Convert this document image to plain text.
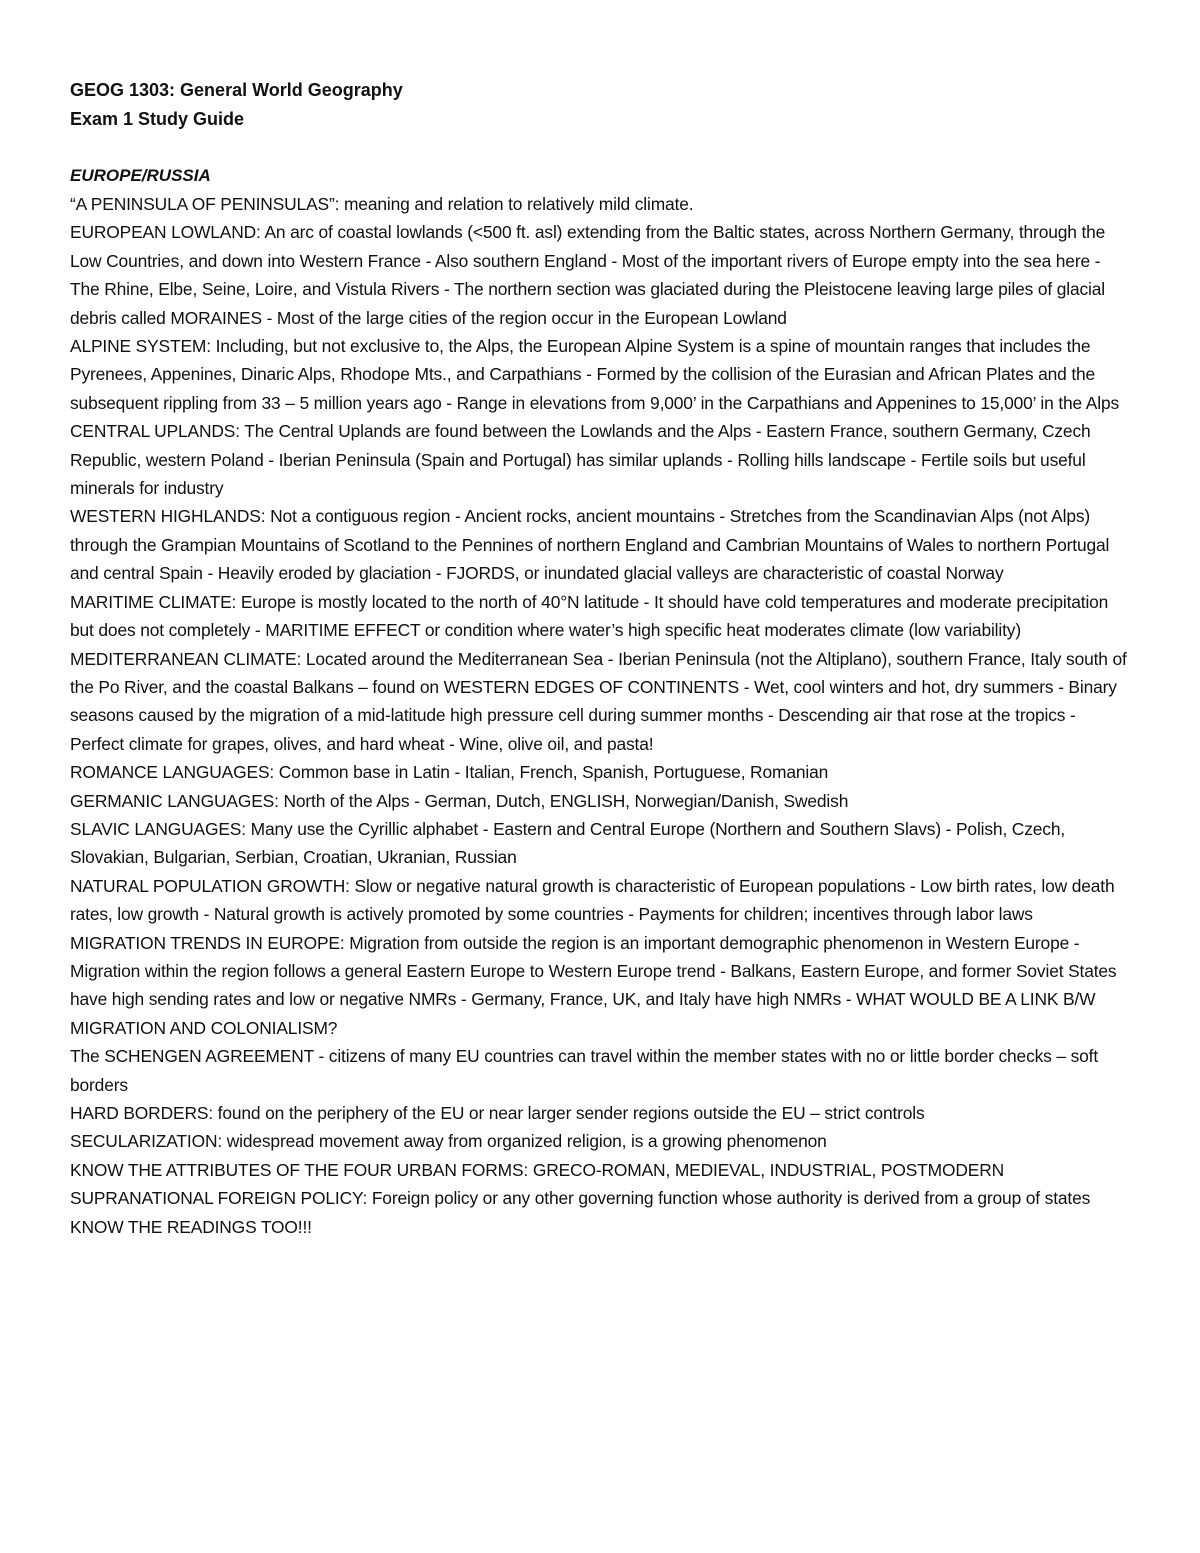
GEOG 1303: General World Geography

Exam 1 Study Guide

EUROPE/RUSSIA

“A PENINSULA OF PENINSULAS”: meaning and relation to relatively mild climate.

EUROPEAN LOWLAND: An arc of coastal lowlands (<500 ft. asl) extending from the Baltic states, across Northern Germany, through the Low Countries, and down into Western France - Also southern England - Most of the important rivers of Europe empty into the sea here - The Rhine, Elbe, Seine, Loire, and Vistula Rivers - The northern section was glaciated during the Pleistocene leaving large piles of glacial debris called MORAINES - Most of the large cities of the region occur in the European Lowland

ALPINE SYSTEM: Including, but not exclusive to, the Alps, the European Alpine System is a spine of mountain ranges that includes the Pyrenees, Appenines, Dinaric Alps, Rhodope Mts., and Carpathians - Formed by the collision of the Eurasian and African Plates and the subsequent rippling from 33 – 5 million years ago - Range in elevations from 9,000’ in the Carpathians and Appenines to 15,000’ in the Alps

CENTRAL UPLANDS: The Central Uplands are found between the Lowlands and the Alps - Eastern France, southern Germany, Czech Republic, western Poland - Iberian Peninsula (Spain and Portugal) has similar uplands - Rolling hills landscape - Fertile soils but useful minerals for industry

WESTERN HIGHLANDS: Not a contiguous region - Ancient rocks, ancient mountains - Stretches from the Scandinavian Alps (not Alps) through the Grampian Mountains of Scotland to the Pennines of northern England and Cambrian Mountains of Wales to northern Portugal and central Spain - Heavily eroded by glaciation - FJORDS, or inundated glacial valleys are characteristic of coastal Norway

MARITIME CLIMATE: Europe is mostly located to the north of 40°N latitude - It should have cold temperatures and moderate precipitation but does not completely - MARITIME EFFECT or condition where water’s high specific heat moderates climate (low variability)

MEDITERRANEAN CLIMATE: Located around the Mediterranean Sea - Iberian Peninsula (not the Altiplano), southern France, Italy south of the Po River, and the coastal Balkans – found on WESTERN EDGES OF CONTINENTS - Wet, cool winters and hot, dry summers - Binary seasons caused by the migration of a mid-latitude high pressure cell during summer months - Descending air that rose at the tropics - Perfect climate for grapes, olives, and hard wheat - Wine, olive oil, and pasta!

ROMANCE LANGUAGES: Common base in Latin - Italian, French, Spanish, Portuguese, Romanian

GERMANIC LANGUAGES: North of the Alps - German, Dutch, ENGLISH, Norwegian/Danish, Swedish

SLAVIC LANGUAGES: Many use the Cyrillic alphabet - Eastern and Central Europe (Northern and Southern Slavs) - Polish, Czech, Slovakian, Bulgarian, Serbian, Croatian, Ukranian, Russian

NATURAL POPULATION GROWTH: Slow or negative natural growth is characteristic of European populations - Low birth rates, low death rates, low growth - Natural growth is actively promoted by some countries - Payments for children; incentives through labor laws

MIGRATION TRENDS IN EUROPE: Migration from outside the region is an important demographic phenomenon in Western Europe - Migration within the region follows a general Eastern Europe to Western Europe trend - Balkans, Eastern Europe, and former Soviet States have high sending rates and low or negative NMRs - Germany, France, UK, and Italy have high NMRs - WHAT WOULD BE A LINK B/W MIGRATION AND COLONIALISM?

The SCHENGEN AGREEMENT - citizens of many EU countries can travel within the member states with no or little border checks – soft borders

HARD BORDERS: found on the periphery of the EU or near larger sender regions outside the EU – strict controls

SECULARIZATION: widespread movement away from organized religion, is a growing phenomenon

KNOW THE ATTRIBUTES OF THE FOUR URBAN FORMS: GRECO-ROMAN, MEDIEVAL, INDUSTRIAL, POSTMODERN

SUPRANATIONAL FOREIGN POLICY: Foreign policy or any other governing function whose authority is derived from a group of states

KNOW THE READINGS TOO!!!
